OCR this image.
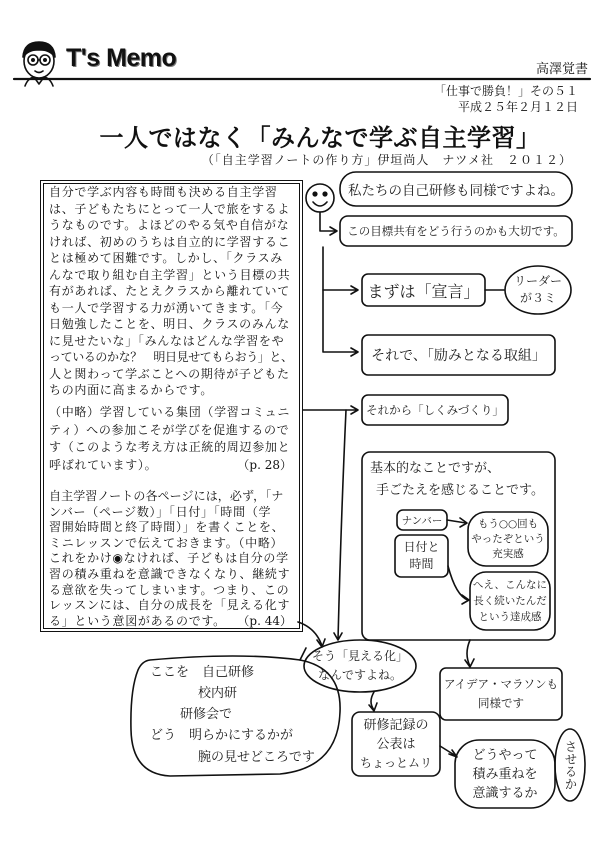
T's Memo	高澤覚書
「仕事で勝負！」その５１
平成２５年２月１２日
一人ではなく「みんなで学ぶ自主学習」
（「自主学習ノートの作り方」伊垣尚人　ナツメ社　２０１２）
自分で学ぶ内容も時間も決める自主学習
は、子どもたちにとって一人で旅をするよ
うなものです。よほどのやる気や自信がな
ければ、初めのうちは自立的に学習するこ
とは極めて困難です。しかし、「クラスみ
んなで取り組む自主学習」という目標の共
有があれば、たとえクラスから離れていて
も一人で学習する力が湧いてきます。「今
日勉強したことを、明日、クラスのみんな
に見せたいな」「みんなはどんな学習をや
っているのかな？　明日見せてもらおう」と、
人と関わって学ぶことへの期待が子どもた
ちの内面に高まるからです。
（中略）学習している集団（学習コミュニ
ティ）への参加こそが学びを促進するので
す（このような考え方は正統的周辺参加と
呼ばれています）。	（p. 28）
自主学習ノートの各ページには，必ず，「ナ
ンバー（ページ数）」「日付」「時間（学
習開始時間と終了時間）」を書くことを、
ミニレッスンで伝えておきます。（中略）
これをかけ◉なければ、子どもは自分の学
習の積み重ねを意識できなくなり、継続す
る意欲を失ってしまいます。つまり、この
レッスンには、自分の成長を「見える化す
る」という意図があるのです。 （p. 44）
私たちの自己研修も同様ですよね。
この目標共有をどう行うのかも大切です。
まずは「宣言」
リーダー
が３ミ
それで、「励みとなる取組」
それから「しくみづくり」
基本的なことですが、
手ごたえを感じることです。
ナンバー
日付と
時間
もう○○回も
やったぞという
充実感
へえ、こんなに
長く続いたんだ
という達成感
そう「見える化」
なんですよね。
アイデア・マラソンも
同様です
ここを　自己研修
校内研
研修会で
どう　明らかにするかが
腕の見せどころです
研修記録の
公表は
ちょっとムリ	どうやって
積み重ねを
意識するか
させるか
